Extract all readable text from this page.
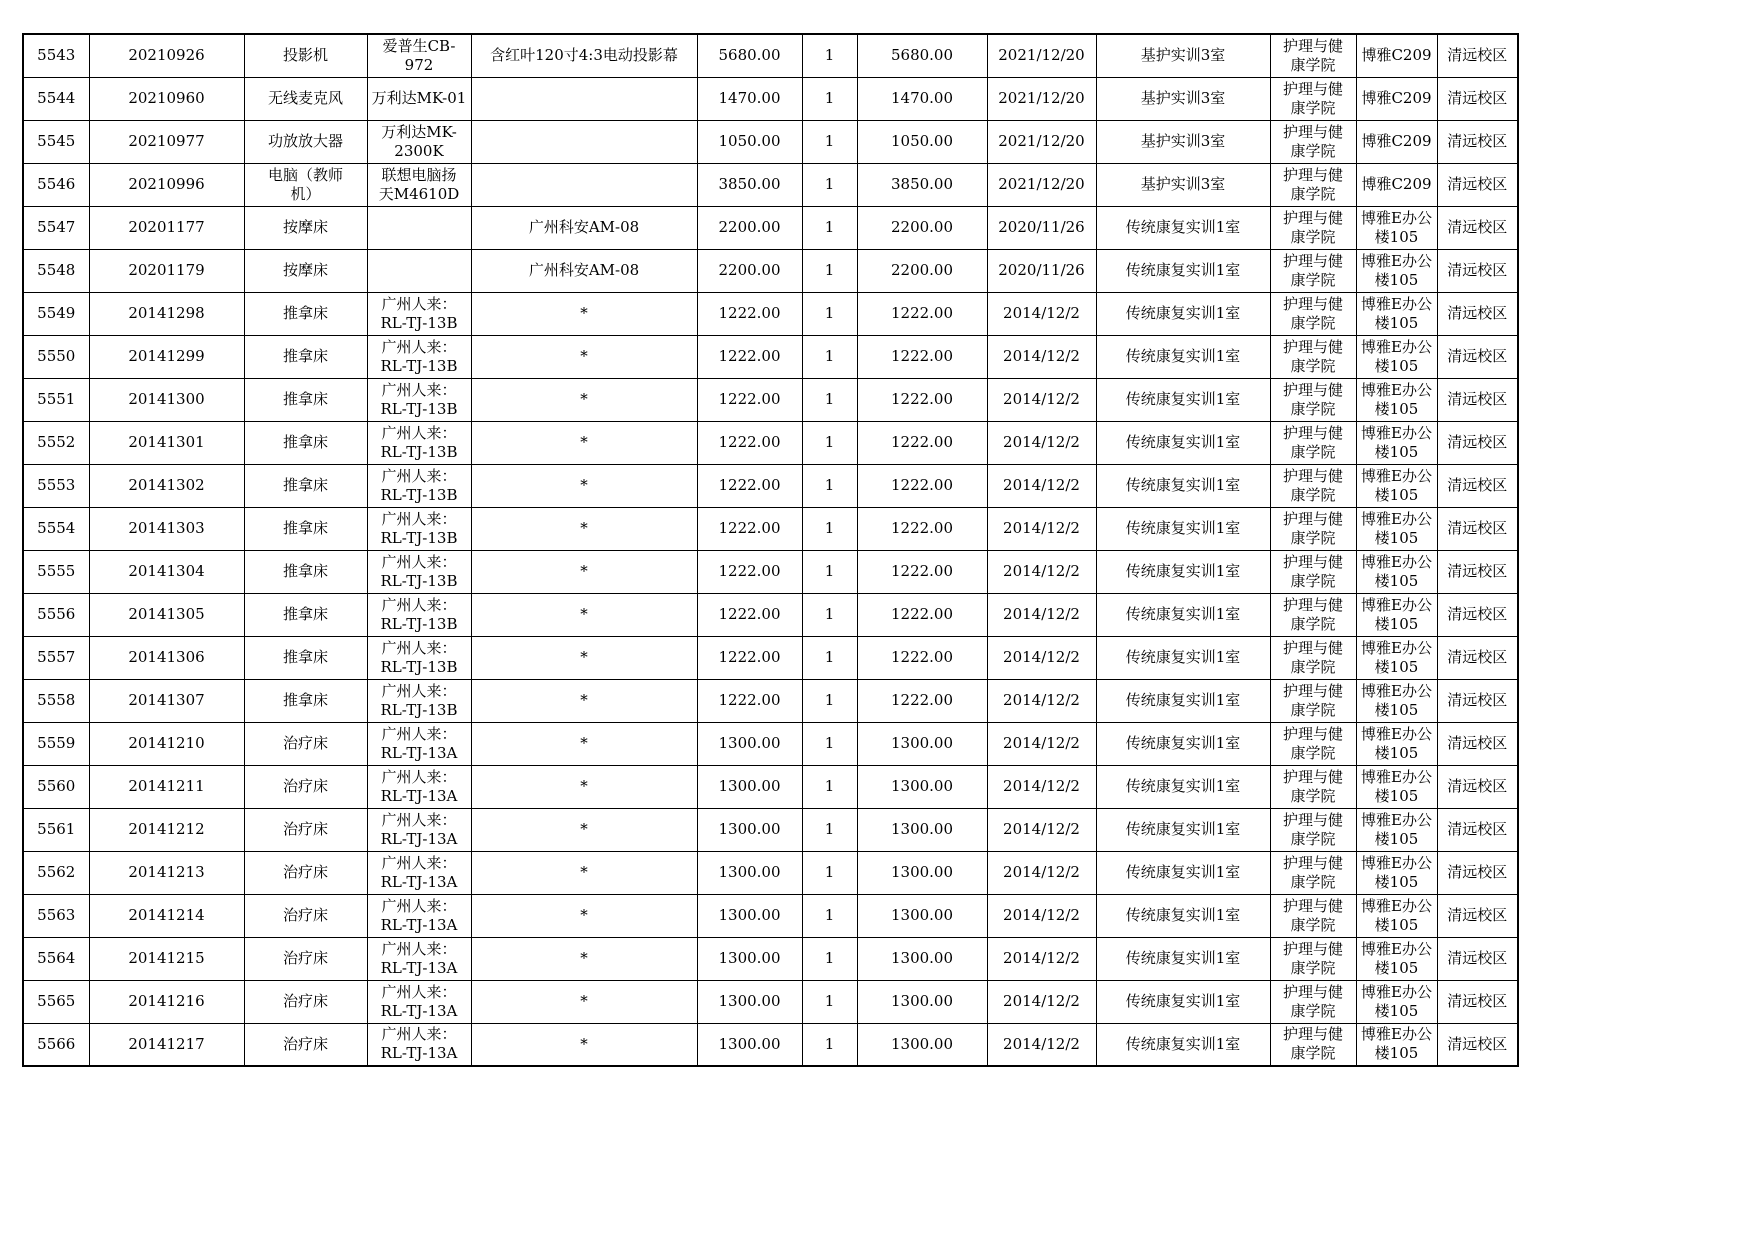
5543	20210926	投影机	爱普生CB-
972	含红叶120寸4:3电动投影幕	5680.00	1	5680.00	2021/12/20	基护实训3室	护理与健
康学院	博雅C209	清远校区
5544	20210960	无线麦克风	万利达MK-01		1470.00	1	1470.00	2021/12/20	基护实训3室	护理与健
康学院	博雅C209	清远校区
5545	20210977	功放放大器	万利达MK-
2300K		1050.00	1	1050.00	2021/12/20	基护实训3室	护理与健
康学院	博雅C209	清远校区
5546	20210996	电脑（教师
机）	联想电脑扬
天M4610D		3850.00	1	3850.00	2021/12/20	基护实训3室	护理与健
康学院	博雅C209	清远校区
5547	20201177	按摩床		广州科安AM-08	2200.00	1	2200.00	2020/11/26	传统康复实训1室	护理与健
康学院	博雅E办公
楼105	清远校区
5548	20201179	按摩床		广州科安AM-08	2200.00	1	2200.00	2020/11/26	传统康复实训1室	护理与健
康学院	博雅E办公
楼105	清远校区
5549	20141298	推拿床	广州人来：
RL-TJ-13B	*	1222.00	1	1222.00	2014/12/2	传统康复实训1室	护理与健
康学院	博雅E办公
楼105	清远校区
5550	20141299	推拿床	广州人来：
RL-TJ-13B	*	1222.00	1	1222.00	2014/12/2	传统康复实训1室	护理与健
康学院	博雅E办公
楼105	清远校区
5551	20141300	推拿床	广州人来：
RL-TJ-13B	*	1222.00	1	1222.00	2014/12/2	传统康复实训1室	护理与健
康学院	博雅E办公
楼105	清远校区
5552	20141301	推拿床	广州人来：
RL-TJ-13B	*	1222.00	1	1222.00	2014/12/2	传统康复实训1室	护理与健
康学院	博雅E办公
楼105	清远校区
5553	20141302	推拿床	广州人来：
RL-TJ-13B	*	1222.00	1	1222.00	2014/12/2	传统康复实训1室	护理与健
康学院	博雅E办公
楼105	清远校区
5554	20141303	推拿床	广州人来：
RL-TJ-13B	*	1222.00	1	1222.00	2014/12/2	传统康复实训1室	护理与健
康学院	博雅E办公
楼105	清远校区
5555	20141304	推拿床	广州人来：
RL-TJ-13B	*	1222.00	1	1222.00	2014/12/2	传统康复实训1室	护理与健
康学院	博雅E办公
楼105	清远校区
5556	20141305	推拿床	广州人来：
RL-TJ-13B	*	1222.00	1	1222.00	2014/12/2	传统康复实训1室	护理与健
康学院	博雅E办公
楼105	清远校区
5557	20141306	推拿床	广州人来：
RL-TJ-13B	*	1222.00	1	1222.00	2014/12/2	传统康复实训1室	护理与健
康学院	博雅E办公
楼105	清远校区
5558	20141307	推拿床	广州人来：
RL-TJ-13B	*	1222.00	1	1222.00	2014/12/2	传统康复实训1室	护理与健
康学院	博雅E办公
楼105	清远校区
5559	20141210	治疗床	广州人来：
RL-TJ-13A	*	1300.00	1	1300.00	2014/12/2	传统康复实训1室	护理与健
康学院	博雅E办公
楼105	清远校区
5560	20141211	治疗床	广州人来：
RL-TJ-13A	*	1300.00	1	1300.00	2014/12/2	传统康复实训1室	护理与健
康学院	博雅E办公
楼105	清远校区
5561	20141212	治疗床	广州人来：
RL-TJ-13A	*	1300.00	1	1300.00	2014/12/2	传统康复实训1室	护理与健
康学院	博雅E办公
楼105	清远校区
5562	20141213	治疗床	广州人来：
RL-TJ-13A	*	1300.00	1	1300.00	2014/12/2	传统康复实训1室	护理与健
康学院	博雅E办公
楼105	清远校区
5563	20141214	治疗床	广州人来：
RL-TJ-13A	*	1300.00	1	1300.00	2014/12/2	传统康复实训1室	护理与健
康学院	博雅E办公
楼105	清远校区
5564	20141215	治疗床	广州人来：
RL-TJ-13A	*	1300.00	1	1300.00	2014/12/2	传统康复实训1室	护理与健
康学院	博雅E办公
楼105	清远校区
5565	20141216	治疗床	广州人来：
RL-TJ-13A	*	1300.00	1	1300.00	2014/12/2	传统康复实训1室	护理与健
康学院	博雅E办公
楼105	清远校区
5566	20141217	治疗床	广州人来：
RL-TJ-13A	*	1300.00	1	1300.00	2014/12/2	传统康复实训1室	护理与健
康学院	博雅E办公
楼105	清远校区
